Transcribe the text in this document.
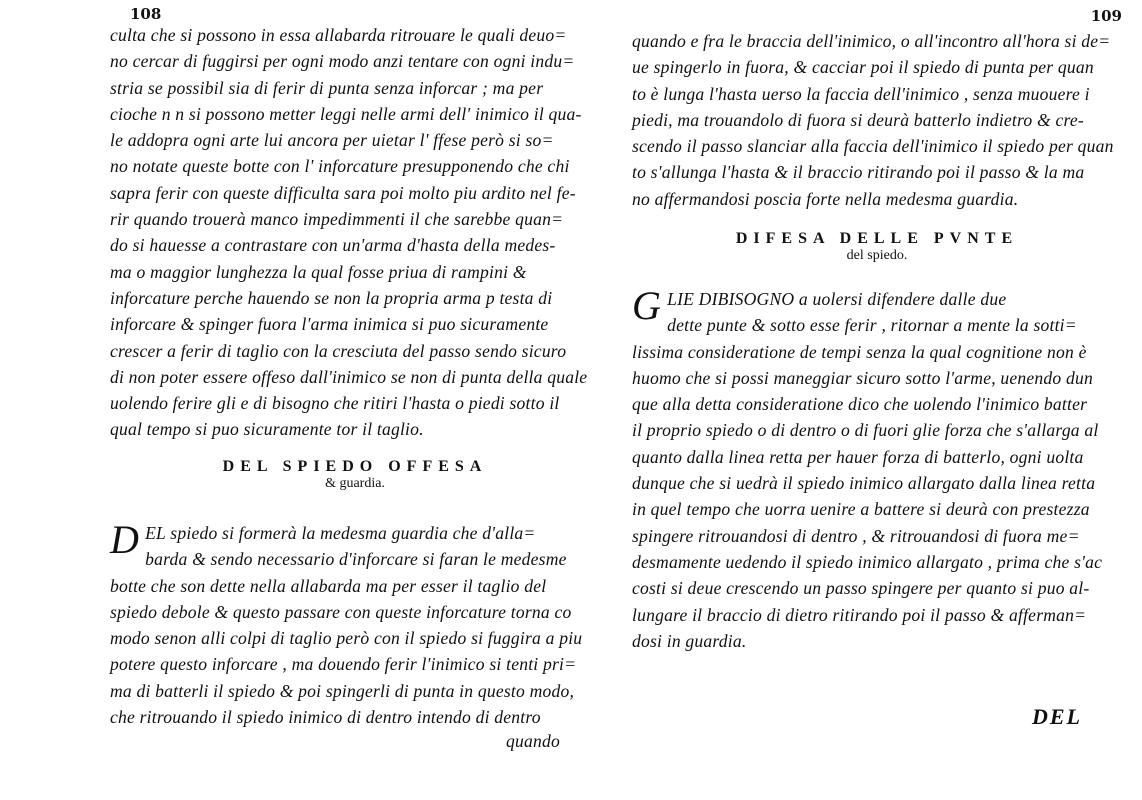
108
culta che si possono in essa allabarda ritrouare le quali deuo=
no cercar di fuggirsi per ogni modo anzi tentare con ogni indu=
stria se possibil sia di ferir di punta senza inforcar ; ma per
cioche n n si possono metter leggi nelle armi dell' inimico il qua-
le addopra ogni arte lui ancora per uietar l' ffese però si so=
no notate queste botte con l' inforcature presupponendo che chi
sapra ferir con queste difficulta sara poi molto piu ardito nel fe-
rir quando trouerà manco impedimmenti il che sarebbe quan=
do si hauesse a contrastare con un'arma d'hasta della medes-
ma o maggior lunghezza la qual fosse priua di rampini &
inforcature perche hauendo se non la propria arma p testa di
inforcare & spinger fuora l'arma inimica si puo sicuramente
crescer a ferir di taglio con la cresciuta del passo sendo sicuro
di non poter essere offeso dall'inimico se non di punta della quale
uolendo ferire gli e di bisogno che ritiri l'hasta o piedi sotto il
qual tempo si puo sicuramente tor il taglio.
DEL SPIEDO OFFESA
& guardia.
DEL spiedo si formerà la medesma guardia che d'alla=
barda & sendo necessario d'inforcare si faran le medesme
botte che son dette nella allabarda ma per esser il taglio del
spiedo debole & questo passare con queste inforcature torna co
modo senon alli colpi di taglio però con il spiedo si fuggira a piu
potere questo inforcare , ma douendo ferir l'inimico si tenti pri=
ma di batterli il spiedo & poi spingerli di punta in questo modo,
che ritrouando il spiedo inimico di dentro intendo di dentro
quando
109
quando e fra le braccia dell'inimico, o all'incontro all'hora si de=
ue spingerlo in fuora, & cacciar poi il spiedo di punta per quan
to è lunga l'hasta uerso la faccia dell'inimico , senza muouere i
piedi, ma trouandolo di fuora si deurà batterlo indietro & cre-
scendo il passo slanciar alla faccia dell'inimico il spiedo per quan
to s'allunga l'hasta & il braccio ritirando poi il passo & la ma
no affermandosi poscia forte nella medesma guardia.
DIFESA DELLE PVNTE
del spiedo.
GLIE DIBISOGNO a uolersi difendere dalle due
dette punte & sotto esse ferir , ritornar a mente la sotti=
lissima consideratione de tempi senza la qual cognitione non è
huomo che si possi maneggiar sicuro sotto l'arme, uenendo dun
que alla detta consideratione dico che uolendo l'inimico batter
il proprio spiedo o di dentro o di fuori glie forza che s'allarga al
quanto dalla linea retta per hauer forza di batterlo, ogni uolta
dunque che si uedrà il spiedo inimico allargato dalla linea retta
in quel tempo che uorra uenire a battere si deurà con prestezza
spingere ritrouandosi di dentro , & ritrouandosi di fuora me=
desmamente uedendo il spiedo inimico allargato , prima che s'ac
costi si deue crescendo un passo spingere per quanto si puo al-
lungare il braccio di dietro ritirando poi il passo & afferman=
dosi in guardia.
DEL
